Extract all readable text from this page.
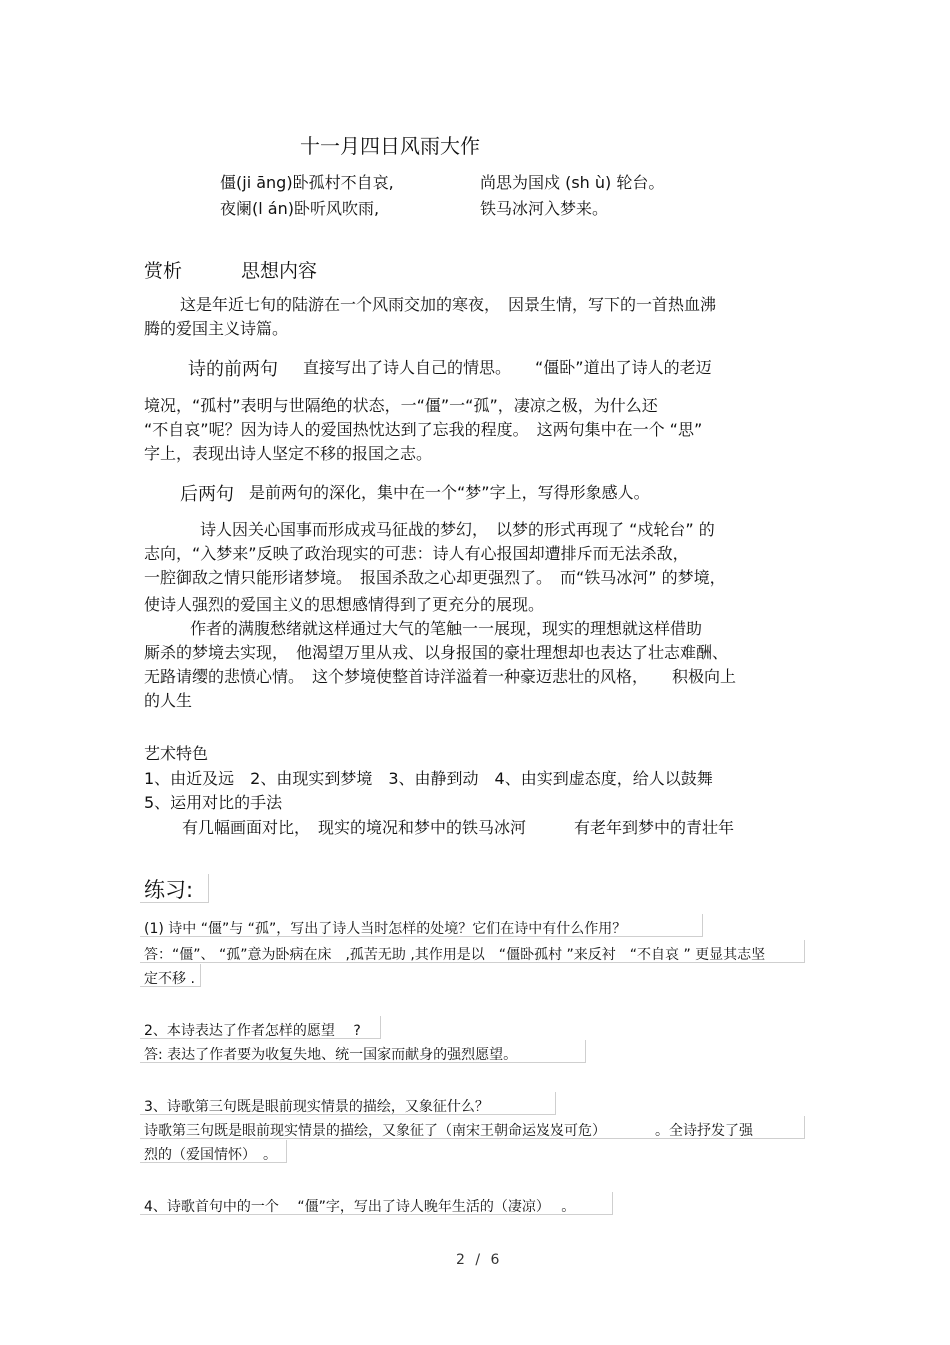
十一月四日风雨大作
僵(ji āng)卧孤村不自哀,	尚思为国戍 (sh ù) 轮台。
夜阑(l án)卧听风吹雨,	铁马冰河入梦来。
赏析	思想内容
这是年近七旬的陆游在一个风雨交加的寒夜，　因景生情，写下的一首热血沸
腾的爱国主义诗篇。
诗的前两句 直接写出了诗人自己的情思。　　“僵卧”道出了诗人的老迈
境况，“孤村”表明与世隔绝的状态，一“僵”一“孤”，凄凉之极，为什么还
“不自哀”呢？因为诗人的爱国热忱达到了忘我的程度。　这两句集中在一个 “思”
字上，表现出诗人坚定不移的报国之志。
后两句 是前两句的深化，集中在一个“梦”字上，写得形象感人。
诗人因关心国事而形成戎马征战的梦幻，　以梦的形式再现了 “戍轮台” 的
志向，“入梦来”反映了政治现实的可悲：诗人有心报国却遭排斥而无法杀敌，
一腔御敌之情只能形诸梦境。　报国杀敌之心却更强烈了。　而“铁马冰河” 的梦境，
使诗人强烈的爱国主义的思想感情得到了更充分的展现。
作者的满腹愁绪就这样通过大气的笔触一一展现，现实的理想就这样借助
厮杀的梦境去实现，　他渴望万里从戎、以身报国的豪壮理想却也表达了壮志难酬、
无路请缨的悲愤心情。　这个梦境使整首诗洋溢着一种豪迈悲壮的风格，　　积极向上
的人生
艺术特色
1、由近及远　2、由现实到梦境　3、由静到动　4、由实到虚态度，给人以鼓舞
5、运用对比的手法
有几幅画面对比，　现实的境况和梦中的铁马冰河　　　有老年到梦中的青壮年
练习:
(1) 诗中 “僵”与 “孤”，写出了诗人当时怎样的处境？它们在诗中有什么作用？
答：“僵”、 “孤”意为卧病在床　,孤苦无助 ,其作用是以　“僵卧孤村 ”来反衬　“不自哀 ” 更显其志坚
定不移 .
2、本诗表达了作者怎样的愿望　 ?
答: 表达了作者要为收复失地、统一国家而献身的强烈愿望。
3、诗歌第三句既是眼前现实情景的描绘，又象征什么？
诗歌第三句既是眼前现实情景的描绘，又象征了（南宋王朝命运岌岌可危）　　　　。全诗抒发了强
烈的（爱国情怀）　。
4、诗歌首句中的一个　 “僵”字，写出了诗人晚年生活的（凄凉）　 。
2 / 6
